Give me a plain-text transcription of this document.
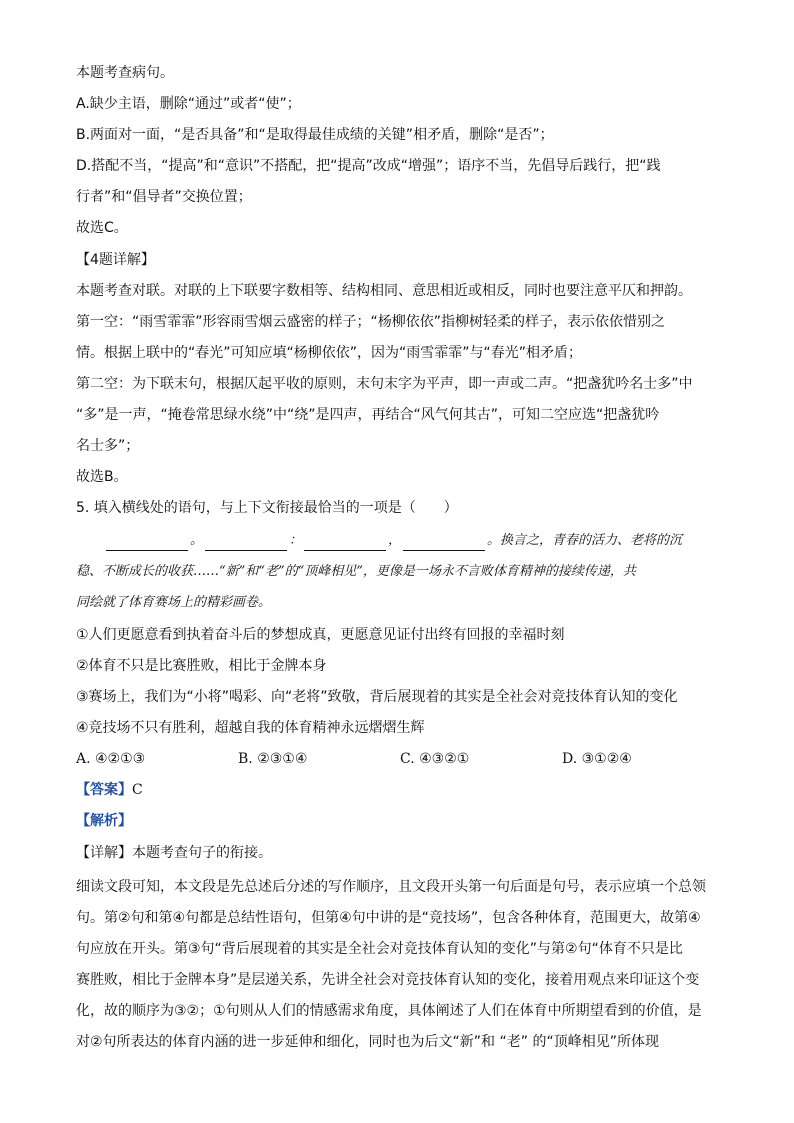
本题考查病句。
A.缺少主语，删除“通过”或者“使”；
B.两面对一面，“是否具备”和“是取得最佳成绩的关键”相矛盾，删除“是否”；
D.搭配不当，“提高”和“意识”不搭配，把“提高”改成“增强”；语序不当，先倡导后践行，把“践
行者”和“倡导者”交换位置；
故选C。
【4题详解】
本题考查对联。对联的上下联要字数相等、结构相同、意思相近或相反，同时也要注意平仄和押韵。
第一空：“雨雪霏霏”形容雨雪烟云盛密的样子；“杨柳依依”指柳树轻柔的样子，表示依依惜别之
情。根据上联中的“春光”可知应填“杨柳依依”，因为“雨雪霏霏”与“春光”相矛盾；
第二空：为下联末句，根据仄起平收的原则，末句末字为平声，即一声或二声。“把盏犹吟名士多”中
“多”是一声，“掩卷常思绿水绕”中“绕”是四声，再结合“风气何其古”，可知二空应选“把盏犹吟
名士多”；
故选B。
5. 填入横线处的语句，与上下文衔接最恰当的一项是（　　）
。	：	，	。换言之，青春的活力、老将的沉
稳、不断成长的收获……“新”和“老”的“顶峰相见”，更像是一场永不言败体育精神的接续传递，共
同绘就了体育赛场上的精彩画卷。
①人们更愿意看到执着奋斗后的梦想成真，更愿意见证付出终有回报的幸福时刻
②体育不只是比赛胜败，相比于金牌本身
③赛场上，我们为“小将”喝彩、向“老将”致敬，背后展现着的其实是全社会对竞技体育认知的变化
④竞技场不只有胜利，超越自我的体育精神永远熠熠生辉
A. ④②①③	B. ②③①④	C. ④③②①	D. ③①②④
【答案】C
【解析】
【详解】本题考查句子的衔接。
细读文段可知，本文段是先总述后分述的写作顺序，且文段开头第一句后面是句号，表示应填一个总领
句。第②句和第④句都是总结性语句，但第④句中讲的是“竞技场”，包含各种体育，范围更大，故第④
句应放在开头。第③句“背后展现着的其实是全社会对竞技体育认知的变化”与第②句“体育不只是比
赛胜败，相比于金牌本身”是层递关系，先讲全社会对竞技体育认知的变化，接着用观点来印证这个变
化，故的顺序为③②；①句则从人们的情感需求角度，具体阐述了人们在体育中所期望看到的价值，是
对②句所表达的体育内涵的进一步延伸和细化，同时也为后文“新”和 “老” 的“顶峰相见”所体现
